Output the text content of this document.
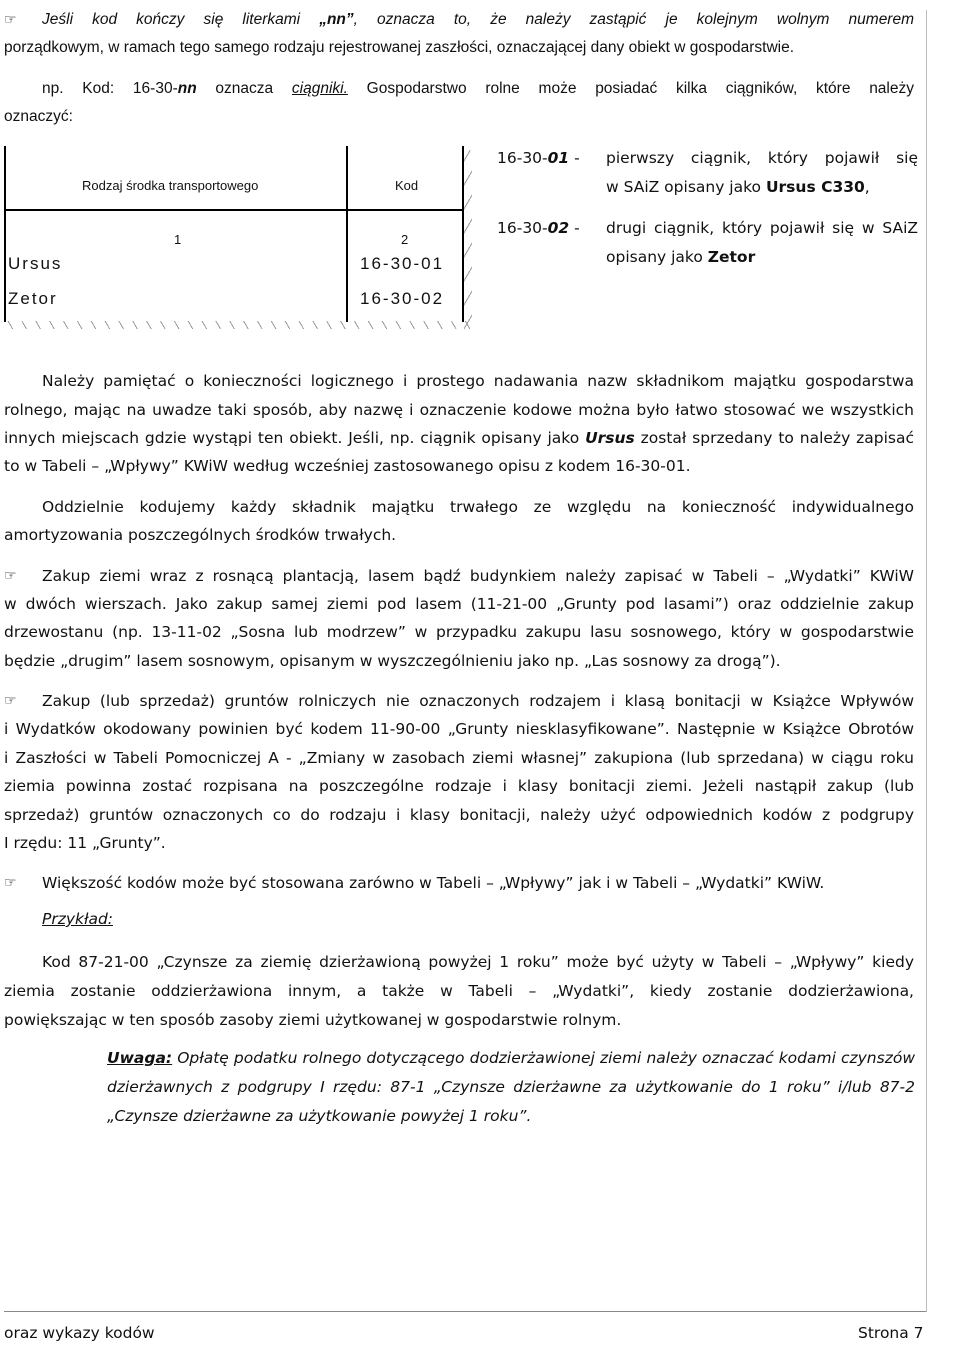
☞ Jeśli kod kończy się literkami „nn”, oznacza to, że należy zastąpić je kolejnym wolnym numerem
porządkowym, w ramach tego samego rodzaju rejestrowanej zaszłości, oznaczającej dany obiekt w gospodarstwie.
np. Kod: 16-30-nn oznacza ciągniki. Gospodarstwo rolne może posiadać kilka ciągników, które należy
oznaczyć:
Rodzaj środka transportowego	Kod
1	2
Ursus	16-30-01
Zetor	16-30-02
16-30-01 - pierwszy ciągnik, który pojawił się
w SAiZ opisany jako Ursus C330,
16-30-02 - drugi ciągnik, który pojawił się w SAiZ
opisany jako Zetor
Należy pamiętać o konieczności logicznego i prostego nadawania nazw składnikom majątku gospodarstwa
rolnego, mając na uwadze taki sposób, aby nazwę i oznaczenie kodowe można było łatwo stosować we wszystkich
innych miejscach gdzie wystąpi ten obiekt. Jeśli, np. ciągnik opisany jako Ursus został sprzedany to należy zapisać
to w Tabeli – „Wpływy” KWiW według wcześniej zastosowanego opisu z kodem 16-30-01.
Oddzielnie kodujemy każdy składnik majątku trwałego ze względu na konieczność indywidualnego
amortyzowania poszczególnych środków trwałych.
☞ Zakup ziemi wraz z rosnącą plantacją, lasem bądź budynkiem należy zapisać w Tabeli – „Wydatki” KWiW
w dwóch wierszach. Jako zakup samej ziemi pod lasem (11-21-00 „Grunty pod lasami”) oraz oddzielnie zakup
drzewostanu (np. 13-11-02 „Sosna lub modrzew” w przypadku zakupu lasu sosnowego, który w gospodarstwie
będzie „drugim” lasem sosnowym, opisanym w wyszczególnieniu jako np. „Las sosnowy za drogą”).
☞ Zakup (lub sprzedaż) gruntów rolniczych nie oznaczonych rodzajem i klasą bonitacji w Książce Wpływów
i Wydatków okodowany powinien być kodem 11-90-00 „Grunty niesklasyfikowane”. Następnie w Książce Obrotów
i Zaszłości w Tabeli Pomocniczej A - „Zmiany w zasobach ziemi własnej” zakupiona (lub sprzedana) w ciągu roku
ziemia powinna zostać rozpisana na poszczególne rodzaje i klasy bonitacji ziemi. Jeżeli nastąpił zakup (lub
sprzedaż) gruntów oznaczonych co do rodzaju i klasy bonitacji, należy użyć odpowiednich kodów z podgrupy
I rzędu: 11 „Grunty”.
☞ Większość kodów może być stosowana zarówno w Tabeli – „Wpływy” jak i w Tabeli – „Wydatki” KWiW.
Przykład:
Kod 87-21-00 „Czynsze za ziemię dzierżawioną powyżej 1 roku” może być użyty w Tabeli – „Wpływy” kiedy
ziemia zostanie oddzierżawiona innym, a także w Tabeli – „Wydatki”, kiedy zostanie dodzierżawiona,
powiększając w ten sposób zasoby ziemi użytkowanej w gospodarstwie rolnym.
Uwaga: Opłatę podatku rolnego dotyczącego dodzierżawionej ziemi należy oznaczać kodami czynszów
dzierżawnych z podgrupy I rzędu: 87-1 „Czynsze dzierżawne za użytkowanie do 1 roku” i/lub 87-2
„Czynsze dzierżawne za użytkowanie powyżej 1 roku”.
oraz wykazy kodów	Strona 7
